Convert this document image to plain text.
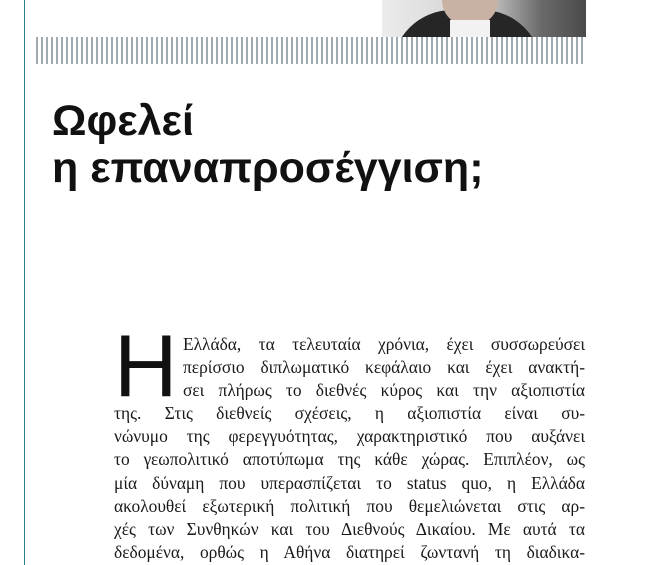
Ωφελεί
η επαναπροσέγγιση;
Η Ελλάδα, τα τελευταία χρόνια, έχει συσσωρεύσει
περίσσιο διπλωματικό κεφάλαιο και έχει ανακτή-
σει πλήρως το διεθνές κύρος και την αξιοπιστία
της. Στις διεθνείς σχέσεις, η αξιοπιστία είναι συ-
νώνυμο της φερεγγυότητας, χαρακτηριστικό που αυξάνει
το γεωπολιτικό αποτύπωμα της κάθε χώρας. Επιπλέον, ως
μία δύναμη που υπερασπίζεται το status quo, η Ελλάδα
ακολουθεί εξωτερική πολιτική που θεμελιώνεται στις αρ-
χές των Συνθηκών και του Διεθνούς Δικαίου. Με αυτά τα
δεδομένα, ορθώς η Αθήνα διατηρεί ζωντανή τη διαδικα-
